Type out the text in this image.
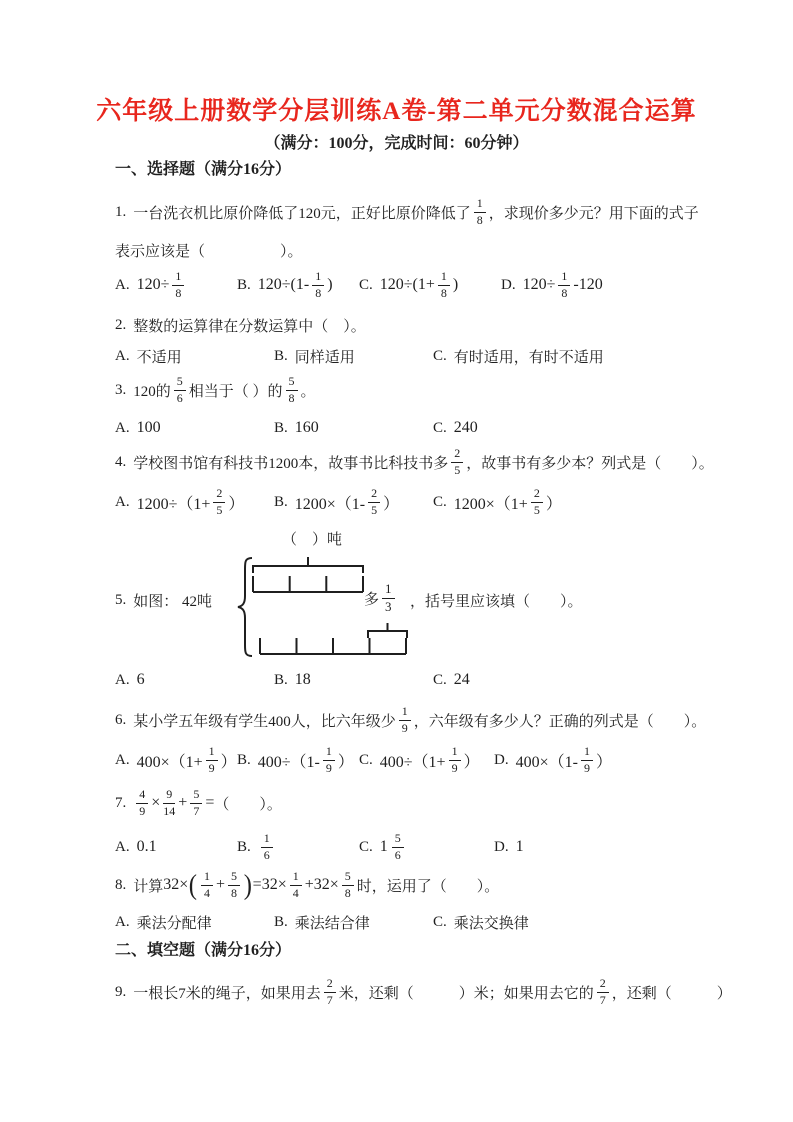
六年级上册数学分层训练A卷-第二单元分数混合运算
（满分：100分，完成时间：60分钟）
一、选择题（满分16分）
1. 一台洗衣机比原价降低了120元，正好比原价降低了 $\frac{1}{8}$ ，求现价多少元？用下面的式子
表示应该是（     ）。
A. $120\div \frac{1}{8}$	B. $120\div(1- \frac{1}{8}$ ) C. $120\div(1+ \frac{1}{8}$ )	D. $120\div \frac{1}{8} -120$
2. 整数的运算律在分数运算中（ ）。
A. 不适用	B. 同样适用	C. 有时适用，有时不适用
3. 120的 $\frac{5}{6}$ 相当于（ ）的 $\frac{5}{8}$ 。
A. 100	B. 160	C. 240
4. 学校图书馆有科技书1200本，故事书比科技书多 $\frac{2}{5}$ ，故事书有多少本？列式是（  ）。
A. $1200\div(1+ \frac{2}{5}$ ） B. $1200\times(1- \frac{2}{5}$ ） C. $1200\times(1+ \frac{2}{5}$ ）
5. 如图：
（ ）吨
42吨	多 $\frac{1}{3}$ ，括号里应该填（  ）。
A. 6	B. 18	C. 24
6. 某小学五年级有学生400人，比六年级少 $\frac{1}{9}$ ，六年级有多少人？正确的列式是（  ）。
A. $400\times(1+ \frac{1}{9}$ ） B. $400\div(1- \frac{1}{9}$ ） C. $400\div(1+ \frac{1}{9}$ ） D. $400\times(1- \frac{1}{9}$ ）
7. $\frac{4}{9} \times \frac{9}{14} + \frac{5}{7}$ = （  ）。
A. 0.1	B. $\frac{1}{6}$	C. $1 \frac{5}{6}$	D. 1
8. 计算 32× ( $\frac{1}{4} + \frac{5}{8}$ ) $=32\times \frac{1}{4} +32\times \frac{5}{8}$ 时，运用了（  ）。
A. 乘法分配律	B. 乘法结合律	C. 乘法交换律
二、填空题（满分16分）
9. 一根长7米的绳子，如果用去 $\frac{2}{7}$ 米，还剩（   ）米；如果用去它的 $\frac{2}{7}$ ，还剩（   ）
